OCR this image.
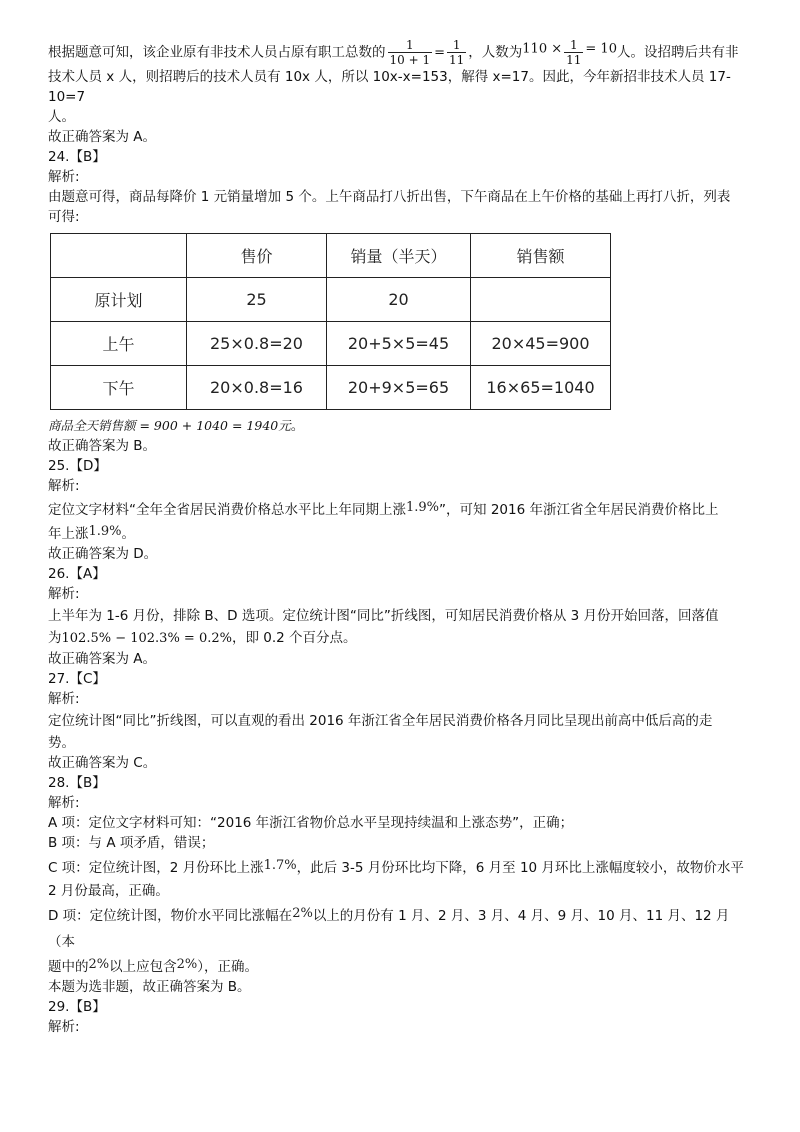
根据题意可知，该企业原有非技术人员占原有职工总数的 $\frac{1}{10 + 1} = \frac{1}{11}$ ，人数为$110 \times \frac{1}{11} = 10$人。设招聘后共有非

技术人员 x 人，则招聘后的技术人员有 10x 人，所以 10x-x=153，解得 x=17。因此，今年新招非技术人员 17-10=7

人。

故正确答案为 A。

24.【B】

解析:

由题意可得，商品每降价 1 元销量增加 5 个。上午商品打八折出售，下午商品在上午价格的基础上再打八折，列表

可得:

	售价	销量（半天）	销售额
原计划	25	20	
上午	25×0.8=20	20+5×5=45	20×45=900
下午	20×0.8=16	20+9×5=65	16×65=1040

商品全天销售额 = 900 + 1040 = 1940元。

故正确答案为 B。

25.【D】

解析:

定位文字材料“全年全省居民消费价格总水平比上年同期上涨1.9%”，可知 2016 年浙江省全年居民消费价格比上

年上涨1.9%。

故正确答案为 D。

26.【A】

解析:

上半年为 1-6 月份，排除 B、D 选项。定位统计图“同比”折线图，可知居民消费价格从 3 月份开始回落，回落值

为102.5% − 102.3% = 0.2%，即 0.2 个百分点。

故正确答案为 A。

27.【C】

解析:

定位统计图“同比”折线图，可以直观的看出 2016 年浙江省全年居民消费价格各月同比呈现出前高中低后高的走

势。

故正确答案为 C。

28.【B】

解析:

A 项：定位文字材料可知：“2016 年浙江省物价总水平呈现持续温和上涨态势”，正确；

B 项：与 A 项矛盾，错误；

C 项：定位统计图，2 月份环比上涨1.7%，此后 3-5 月份环比均下降，6 月至 10 月环比上涨幅度较小，故物价水平

2 月份最高，正确。

D 项：定位统计图，物价水平同比涨幅在2%以上的月份有 1 月、2 月、3 月、4 月、9 月、10 月、11 月、12 月（本

题中的2%以上应包含2%），正确。

本题为选非题，故正确答案为 B。

29.【B】

解析:
